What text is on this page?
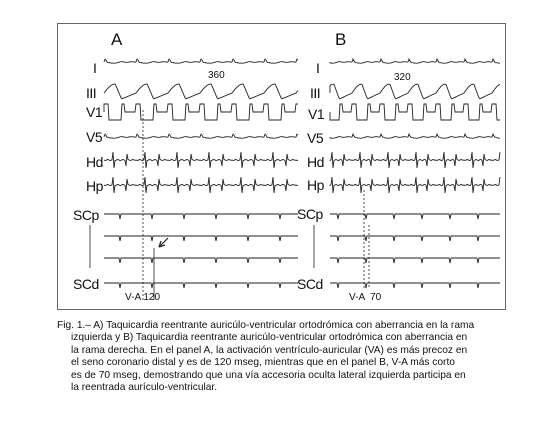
A	B
I
III
V1
V5
Hd
Hp
SCp
SCd
I
III
V1
V5
Hd
Hp
SCp
SCd
360	320
V-A 120	V-A  70
Fig. 1.– A) Taquicardia reentrante auricúlo-ventricular ortodrómica con aberrancia en la rama
izquierda y B) Taquicardia reentrante auricúlo-ventricular ortodrómica con aberrancia en
la rama derecha. En el panel A, la activación ventrículo-auricular (VA) es más precoz en
el seno coronario distal y es de 120 mseg, mientras que en el panel B, V-A más corto
es de 70 mseg, demostrando que una vía accesoria oculta lateral izquierda participa en
la reentrada aurículo-ventricular.
